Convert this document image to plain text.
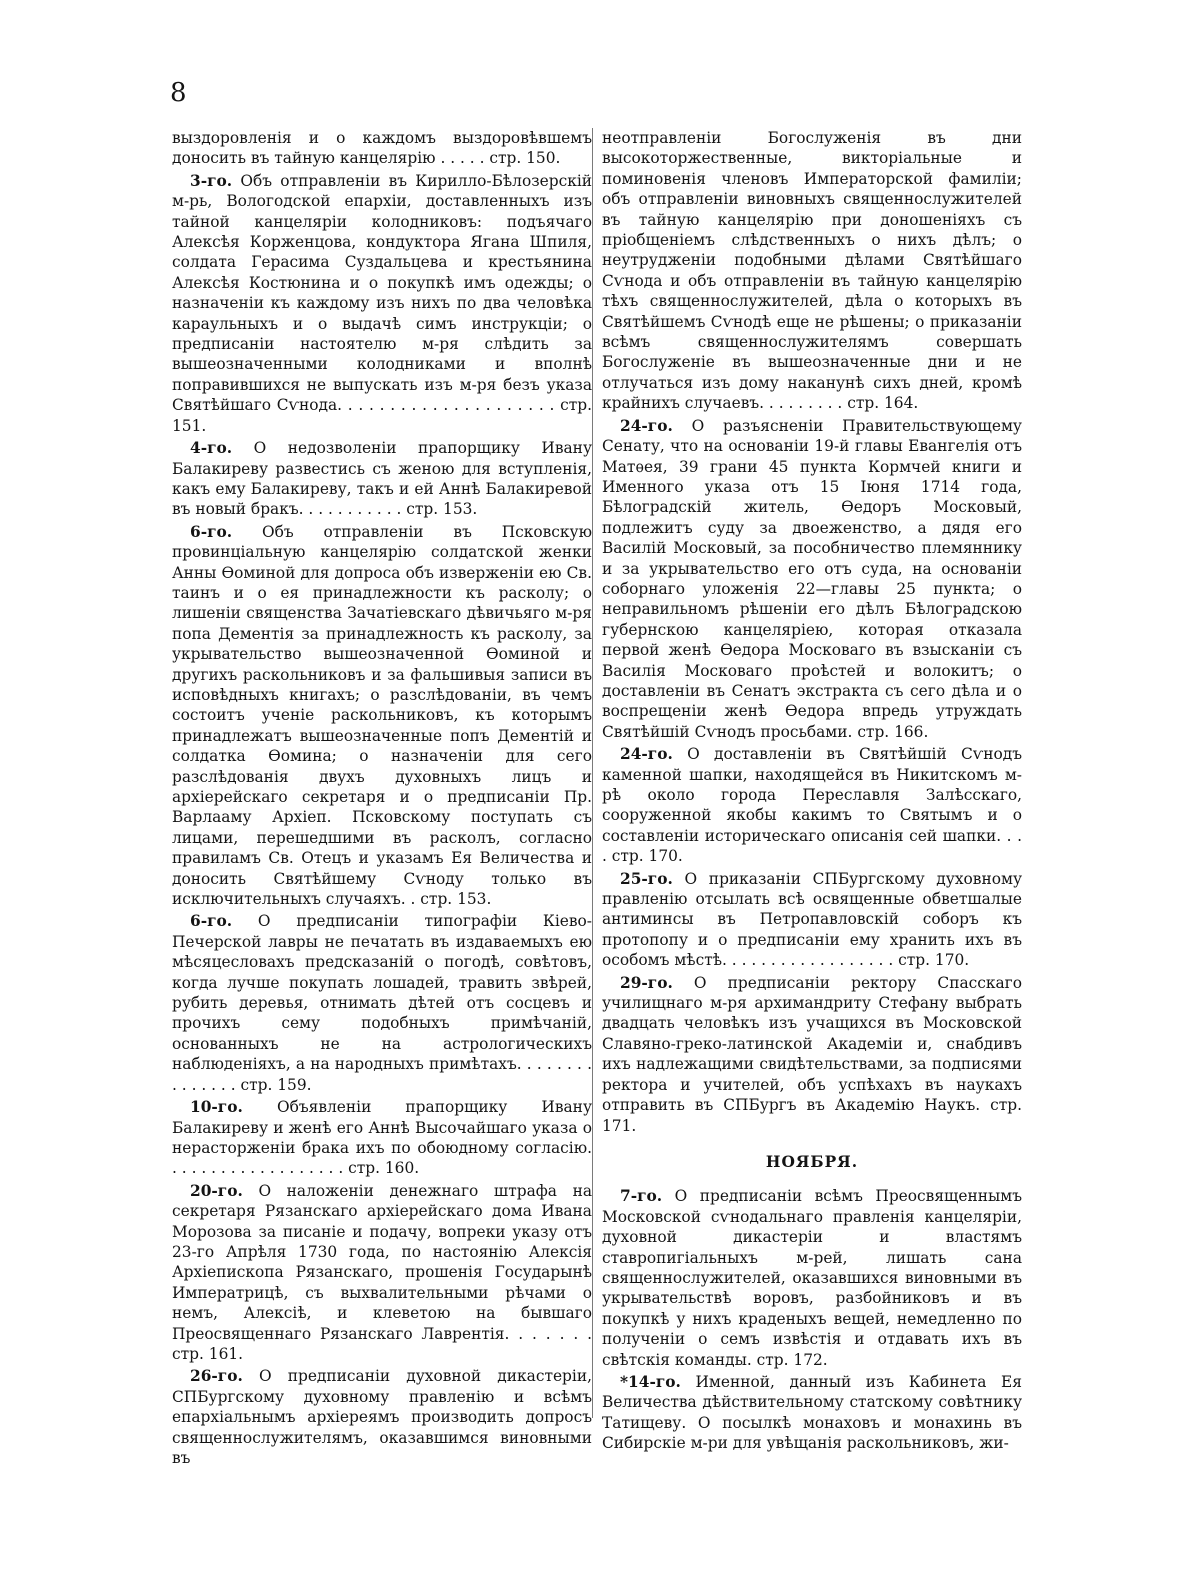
8

выздоровленія и о каждомъ выздоровѣвшемъ доносить въ тайную канцелярію . . . . . стр. 150.

3-го. Объ отправленіи въ Кирилло-Бѣлозерскій м-рь, Вологодской епархіи, доставленныхъ изъ тайной канцеляріи колодниковъ: подъячаго Алексѣя Корженцова, кондуктора Ягана Шпиля, солдата Герасима Суздальцева и крестьянина Алексѣя Костюнина и о покупкѣ имъ одежды; о назначеніи къ каждому изъ нихъ по два человѣка караульныхъ и о выдачѣ симъ инструкціи; о предписаніи настоятелю м-ря слѣдить за вышеозначенными колодниками и вполнѣ поправившихся не выпускать изъ м-ря безъ указа Святѣйшаго Сѵнода. . . . . . . . . . . . . . . . . . . . . стр. 151.

4-го. О недозволеніи прапорщику Ивану Балакиреву развестись съ женою для вступленія, какъ ему Балакиреву, такъ и ей Аннѣ Балакиревой въ новый бракъ. . . . . . . . . . . стр. 153.

6-го. Объ отправленіи въ Псковскую провинціальную канцелярію солдатской женки Анны Ѳоминой для допроса объ изверженіи ею Св. таинъ и о ея принадлежности къ расколу; о лишеніи священства Зачатіевскаго дѣвичьяго м-ря попа Дементія за принадлежность къ расколу, за укрывательство вышеозначенной Ѳоминой и другихъ раскольниковъ и за фальшивыя записи въ исповѣдныхъ книгахъ; о разслѣдованіи, въ чемъ состоитъ ученіе раскольниковъ, къ которымъ принадлежатъ вышеозначенные попъ Дементій и солдатка Ѳомина; о назначеніи для сего разслѣдованія двухъ духовныхъ лицъ и архіерейскаго секретаря и о предписаніи Пр. Варлааму Архіеп. Псковскому поступать съ лицами, перешедшими въ расколъ, согласно правиламъ Св. Отецъ и указамъ Ея Величества и доносить Святѣйшему Сѵноду только въ исключительныхъ случаяхъ. . стр. 153.

6-го. О предписаніи типографіи Кіево-Печерской лавры не печатать въ издаваемыхъ ею мѣсяцесловахъ предсказаній о погодѣ, совѣтовъ, когда лучше покупать лошадей, травить звѣрей, рубить деревья, отнимать дѣтей отъ сосцевъ и прочихъ сему подобныхъ примѣчаній, основанныхъ не на астрологическихъ наблюденіяхъ, а на народныхъ примѣтахъ. . . . . . . . . . . . . . . стр. 159.

10-го. Объявленіи прапорщику Ивану Балакиреву и женѣ его Аннѣ Высочайшаго указа о нерасторженіи брака ихъ по обоюдному согласію. . . . . . . . . . . . . . . . . . . стр. 160.

20-го. О наложеніи денежнаго штрафа на секретаря Рязанскаго архіерейскаго дома Ивана Морозова за писаніе и подачу, вопреки указу отъ 23-го Апрѣля 1730 года, по настоянію Алексія Архіепископа Рязанскаго, прошенія Государынѣ Императрицѣ, съ выхвалительными рѣчами о немъ, Алексіѣ, и клеветою на бывшаго Преосвященнаго Рязанскаго Лаврентія. . . . . . . стр. 161.

26-го. О предписаніи духовной дикастеріи, СПБургскому духовному правленію и всѣмъ епархіальнымъ архіереямъ производить допросъ священнослужителямъ, оказавшимся виновными въ

неотправленіи Богослуженія въ дни высокоторжественные, викторіальные и поминовенія членовъ Императорской фамиліи; объ отправленіи виновныхъ священнослужителей въ тайную канцелярію при доношеніяхъ съ пріобщеніемъ слѣдственныхъ о нихъ дѣлъ; о неутрудженіи подобными дѣлами Святѣйшаго Сѵнода и объ отправленіи въ тайную канцелярію тѣхъ священнослужителей, дѣла о которыхъ въ Святѣйшемъ Сѵнодѣ еще не рѣшены; о приказаніи всѣмъ священнослужителямъ совершать Богослуженіе въ вышеозначенные дни и не отлучаться изъ дому наканунѣ сихъ дней, кромѣ крайнихъ случаевъ. . . . . . . . . стр. 164.

24-го. О разъясненіи Правительствующему Сенату, что на основаніи 19-й главы Евангелія отъ Матѳея, 39 грани 45 пункта Кормчей книги и Именного указа отъ 15 Іюня 1714 года, Бѣлоградскій житель, Ѳедоръ Московый, подлежитъ суду за двоеженство, а дядя его Василій Московый, за пособничество племяннику и за укрывательство его отъ суда, на основаніи соборнаго уложенія 22—главы 25 пункта; о неправильномъ рѣшеніи его дѣлъ Бѣлоградскою губернскою канцеляріею, которая отказала первой женѣ Ѳедора Московаго въ взысканіи съ Василія Московаго проѣстей и волокитъ; о доставленіи въ Сенатъ экстракта съ сего дѣла и о воспрещеніи женѣ Ѳедора впредь утруждать Святѣйшій Сѵнодъ просьбами. стр. 166.

24-го. О доставленіи въ Святѣйшій Сѵнодъ каменной шапки, находящейся въ Никитскомъ м-рѣ около города Переславля Залѣсскаго, сооруженной якобы какимъ то Святымъ и о составленіи историческаго описанія сей шапки. . . . стр. 170.

25-го. О приказаніи СПБургскому духовному правленію отсылать всѣ освященные обветшалые антиминсы въ Петропавловскій соборъ къ протопопу и о предписаніи ему хранить ихъ въ особомъ мѣстѣ. . . . . . . . . . . . . . . . . . стр. 170.

29-го. О предписаніи ректору Спасскаго училищнаго м-ря архимандриту Стефану выбрать двадцать человѣкъ изъ учащихся въ Московской Славяно-греко-латинской Академіи и, снабдивъ ихъ надлежащими свидѣтельствами, за подписями ректора и учителей, объ успѣхахъ въ наукахъ отправить въ СПБургъ въ Академію Наукъ. стр. 171.

НОЯБРЯ.

7-го. О предписаніи всѣмъ Преосвященнымъ Московской сѵнодальнаго правленія канцеляріи, духовной дикастеріи и властямъ ставропигіальныхъ м-рей, лишать сана священнослужителей, оказавшихся виновными въ укрывательствѣ воровъ, разбойниковъ и въ покупкѣ у нихъ краденыхъ вещей, немедленно по полученіи о семъ извѣстія и отдавать ихъ въ свѣтскія команды. стр. 172.

*14-го. Именной, данный изъ Кабинета Ея Величества дѣйствительному статскому совѣтнику Татищеву. О посылкѣ монаховъ и монахинь въ Сибирскіе м-ри для увѣщанія раскольниковъ, жи-
